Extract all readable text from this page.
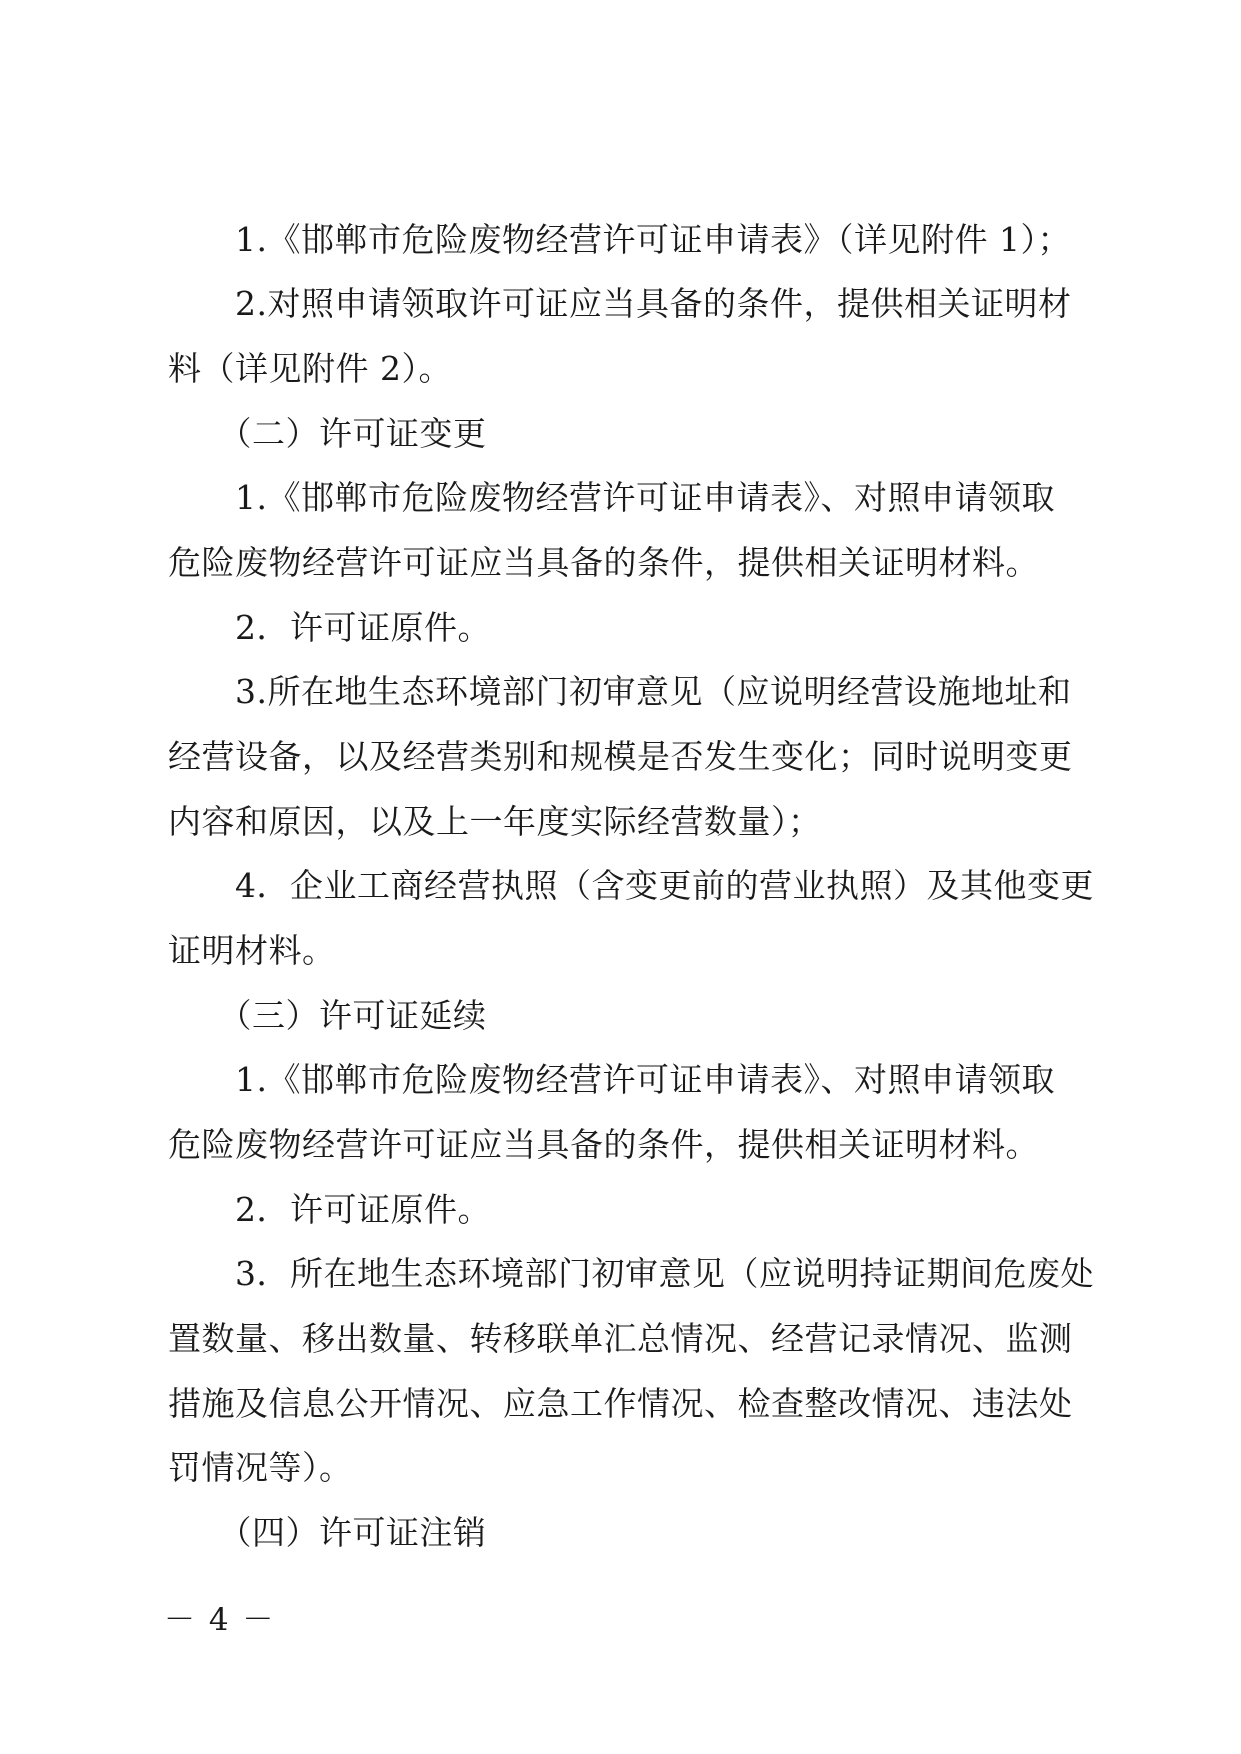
　　1.《邯郸市危险废物经营许可证申请表》（详见附件 1）；
　　2.对照申请领取许可证应当具备的条件，提供相关证明材
料（详见附件 2）。
　　（二）许可证变更
　　1.《邯郸市危险废物经营许可证申请表》、对照申请领取
危险废物经营许可证应当具备的条件，提供相关证明材料。
　　2．许可证原件。
　　3.所在地生态环境部门初审意见（应说明经营设施地址和
经营设备，以及经营类别和规模是否发生变化；同时说明变更
内容和原因，以及上一年度实际经营数量）；
　　4．企业工商经营执照（含变更前的营业执照）及其他变更
证明材料。
　　（三）许可证延续
　　1.《邯郸市危险废物经营许可证申请表》、对照申请领取
危险废物经营许可证应当具备的条件，提供相关证明材料。
　　2．许可证原件。
　　3．所在地生态环境部门初审意见（应说明持证期间危废处
置数量、移出数量、转移联单汇总情况、经营记录情况、监测
措施及信息公开情况、应急工作情况、检查整改情况、违法处
罚情况等）。
　　（四）许可证注销
－ 4 －
